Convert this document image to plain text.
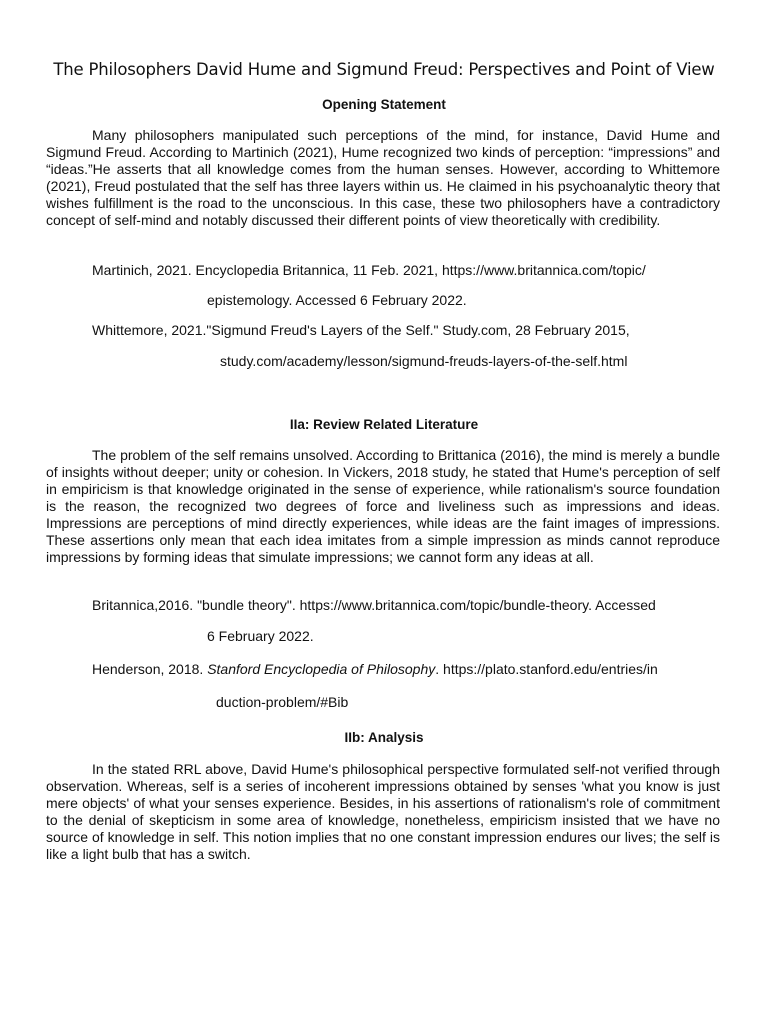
The Philosophers David Hume and Sigmund Freud: Perspectives and Point of View
Opening Statement

Many philosophers manipulated such perceptions of the mind, for instance, David Hume and Sigmund Freud. According to Martinich (2021), Hume recognized two kinds of perception: “impressions” and “ideas.”He asserts that all knowledge comes from the human senses. However, according to Whittemore (2021), Freud postulated that the self has three layers within us. He claimed in his psychoanalytic theory that wishes fulfillment is the road to the unconscious. In this case, these two philosophers have a contradictory concept of self-mind and notably discussed their different points of view theoretically with credibility.

Martinich, 2021. Encyclopedia Britannica, 11 Feb. 2021, https://www.britannica.com/topic/

epistemology. Accessed 6 February 2022.

Whittemore, 2021."Sigmund Freud's Layers of the Self." Study.com, 28 February 2015,

study.com/academy/lesson/sigmund-freuds-layers-of-the-self.html

IIa: Review Related Literature

The problem of the self remains unsolved. According to Brittanica (2016), the mind is merely a bundle of insights without deeper; unity or cohesion. In Vickers, 2018 study, he stated that Hume's perception of self in empiricism is that knowledge originated in the sense of experience, while rationalism's source foundation is the reason, the recognized two degrees of force and liveliness such as impressions and ideas. Impressions are perceptions of mind directly experiences, while ideas are the faint images of impressions. These assertions only mean that each idea imitates from a simple impression as minds cannot reproduce impressions by forming ideas that simulate impressions; we cannot form any ideas at all.

Britannica,2016. "bundle theory". https://www.britannica.com/topic/bundle-theory. Accessed

6 February 2022.

Henderson, 2018. Stanford Encyclopedia of Philosophy. https://plato.stanford.edu/entries/in

duction-problem/#Bib

IIb: Analysis

In the stated RRL above, David Hume's philosophical perspective formulated self-not verified through observation. Whereas, self is a series of incoherent impressions obtained by senses 'what you know is just mere objects' of what your senses experience. Besides, in his assertions of rationalism's role of commitment to the denial of skepticism in some area of knowledge, nonetheless, empiricism insisted that we have no source of knowledge in self. This notion implies that no one constant impression endures our lives; the self is like a light bulb that has a switch.
